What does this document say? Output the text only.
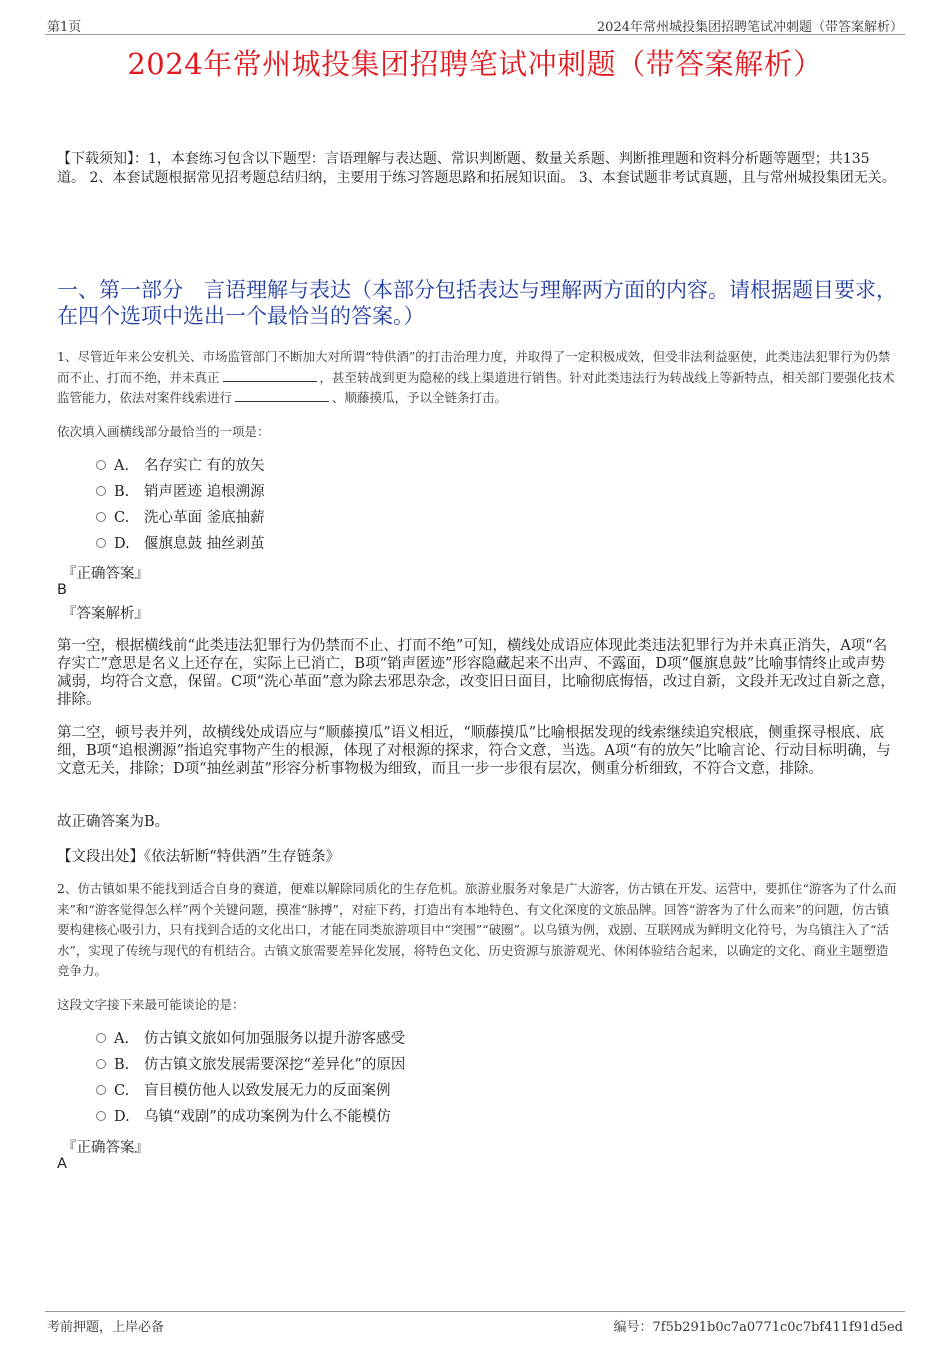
第1页	2024年常州城投集团招聘笔试冲刺题（带答案解析）
2024年常州城投集团招聘笔试冲刺题（带答案解析）
【下载须知】：1，本套练习包含以下题型：言语理解与表达题、常识判断题、数量关系题、判断推理题和资料分析题等题型；共135道。 2、本套试题根据常见招考题总结归纳，主要用于练习答题思路和拓展知识面。 3、本套试题非考试真题，且与常州城投集团无关。
一、第一部分　言语理解与表达（本部分包括表达与理解两方面的内容。请根据题目要求，在四个选项中选出一个最恰当的答案。）
1、尽管近年来公安机关、市场监管部门不断加大对所谓“特供酒”的打击治理力度，并取得了一定积极成效，但受非法利益驱使，此类违法犯罪行为仍禁而不止、打而不绝，并未真正	，甚至转战到更为隐秘的线上渠道进行销售。针对此类违法行为转战线上等新特点，相关部门要强化技术监管能力，依法对案件线索进行	、顺藤摸瓜，予以全链条打击。
依次填入画横线部分最恰当的一项是：
A. 名存实亡 有的放矢
B. 销声匿迹 追根溯源
C. 洗心革面 釜底抽薪
D. 偃旗息鼓 抽丝剥茧
『正确答案』
B
『答案解析』
第一空，根据横线前“此类违法犯罪行为仍禁而不止、打而不绝”可知，横线处成语应体现此类违法犯罪行为并未真正消失，A项“名存实亡”意思是名义上还存在，实际上已消亡，B项“销声匿迹”形容隐藏起来不出声、不露面，D项“偃旗息鼓”比喻事情终止或声势减弱，均符合文意，保留。C项“洗心革面”意为除去邪思杂念，改变旧日面目，比喻彻底悔悟，改过自新，文段并无改过自新之意，排除。
第二空，顿号表并列，故横线处成语应与“顺藤摸瓜”语义相近，“顺藤摸瓜”比喻根据发现的线索继续追究根底，侧重探寻根底、底细，B项“追根溯源”指追究事物产生的根源，体现了对根源的探求，符合文意，当选。A项“有的放矢”比喻言论、行动目标明确，与文意无关，排除；D项“抽丝剥茧”形容分析事物极为细致，而且一步一步很有层次，侧重分析细致，不符合文意，排除。
故正确答案为B。
【文段出处】《依法斩断“特供酒”生存链条》
2、仿古镇如果不能找到适合自身的赛道，便难以解除同质化的生存危机。旅游业服务对象是广大游客，仿古镇在开发、运营中，要抓住“游客为了什么而来”和“游客觉得怎么样”两个关键问题，摸准“脉搏”，对症下药，打造出有本地特色、有文化深度的文旅品牌。回答“游客为了什么而来”的问题，仿古镇要构建核心吸引力，只有找到合适的文化出口，才能在同类旅游项目中“突围”“破圈”。以乌镇为例，戏剧、互联网成为鲜明文化符号，为乌镇注入了“活水”，实现了传统与现代的有机结合。古镇文旅需要差异化发展，将特色文化、历史资源与旅游观光、休闲体验结合起来，以确定的文化、商业主题塑造竞争力。
这段文字接下来最可能谈论的是：
A. 仿古镇文旅如何加强服务以提升游客感受
B. 仿古镇文旅发展需要深挖“差异化”的原因
C. 盲目模仿他人以致发展无力的反面案例
D. 乌镇“戏剧”的成功案例为什么不能模仿
『正确答案』
A
考前押题，上岸必备	编号：7f5b291b0c7a0771c0c7bf411f91d5ed
